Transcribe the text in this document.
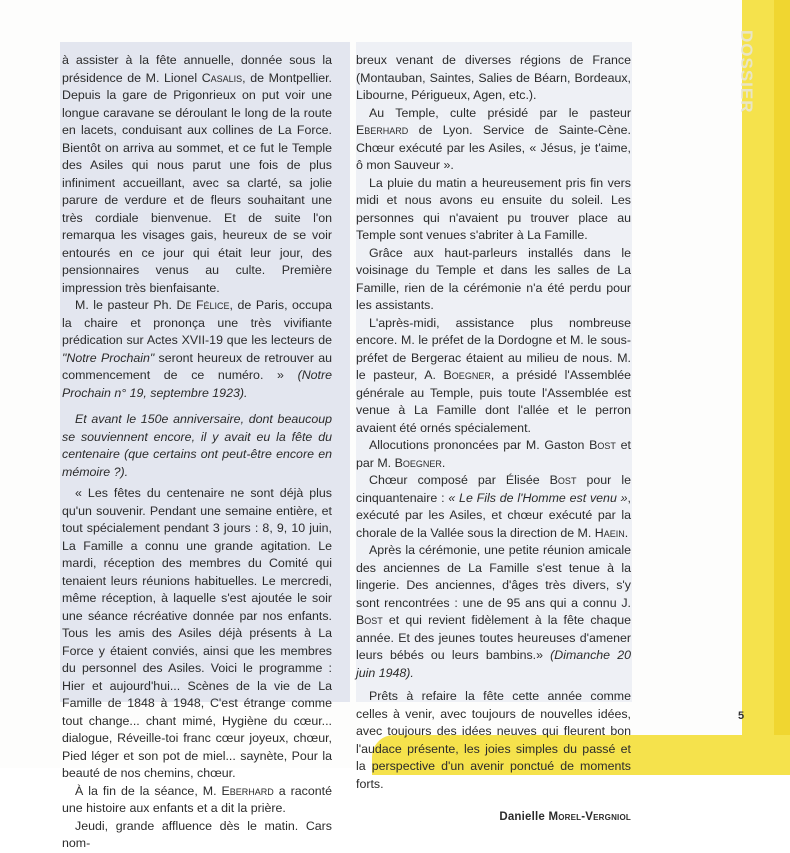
DOSSIER

à assister à la fête annuelle, donnée sous la présidence de M. Lionel Casalis, de Montpellier. Depuis la gare de Prigonrieux on put voir une longue caravane se déroulant le long de la route en lacets, conduisant aux collines de La Force. Bientôt on arriva au sommet, et ce fut le Temple des Asiles qui nous parut une fois de plus infiniment accueillant, avec sa clarté, sa jolie parure de verdure et de fleurs souhaitant une très cordiale bienvenue. Et de suite l'on remarqua les visages gais, heureux de se voir entourés en ce jour qui était leur jour, des pensionnaires venus au culte. Première impression très bienfaisante.

M. le pasteur Ph. De Félice, de Paris, occupa la chaire et prononça une très vivifiante prédication sur Actes XVII-19 que les lecteurs de "Notre Prochain" seront heureux de retrouver au commencement de ce numéro. » (Notre Prochain n° 19, septembre 1923).

Et avant le 150e anniversaire, dont beaucoup se souviennent encore, il y avait eu la fête du centenaire (que certains ont peut-être encore en mémoire ?).

« Les fêtes du centenaire ne sont déjà plus qu'un souvenir. Pendant une semaine entière, et tout spécialement pendant 3 jours : 8, 9, 10 juin, La Famille a connu une grande agitation. Le mardi, réception des membres du Comité qui tenaient leurs réunions habituelles. Le mercredi, même réception, à laquelle s'est ajoutée le soir une séance récréative donnée par nos enfants. Tous les amis des Asiles déjà présents à La Force y étaient conviés, ainsi que les membres du personnel des Asiles. Voici le programme : Hier et aujourd'hui... Scènes de la vie de La Famille de 1848 à 1948, C'est étrange comme tout change... chant mimé, Hygiène du cœur... dialogue, Réveille-toi franc cœur joyeux, chœur, Pied léger et son pot de miel... saynète, Pour la beauté de nos chemins, chœur.

À la fin de la séance, M. Eberhard a raconté une histoire aux enfants et a dit la prière.

Jeudi, grande affluence dès le matin. Cars nom-

breux venant de diverses régions de France (Montauban, Saintes, Salies de Béarn, Bordeaux, Libourne, Périgueux, Agen, etc.).

Au Temple, culte présidé par le pasteur Eberhard de Lyon. Service de Sainte-Cène. Chœur exécuté par les Asiles, « Jésus, je t'aime, ô mon Sauveur ».

La pluie du matin a heureusement pris fin vers midi et nous avons eu ensuite du soleil. Les personnes qui n'avaient pu trouver place au Temple sont venues s'abriter à La Famille.

Grâce aux haut-parleurs installés dans le voisinage du Temple et dans les salles de La Famille, rien de la cérémonie n'a été perdu pour les assistants.

L'après-midi, assistance plus nombreuse encore. M. le préfet de la Dordogne et M. le sous-préfet de Bergerac étaient au milieu de nous. M. le pasteur, A. Boegner, a présidé l'Assemblée générale au Temple, puis toute l'Assemblée est venue à La Famille dont l'allée et le perron avaient été ornés spécialement.

Allocutions prononcées par M. Gaston Bost et par M. Boegner.

Chœur composé par Élisée Bost pour le cinquantenaire : « Le Fils de l'Homme est venu », exécuté par les Asiles, et chœur exécuté par la chorale de la Vallée sous la direction de M. Haein.

Après la cérémonie, une petite réunion amicale des anciennes de La Famille s'est tenue à la lingerie. Des anciennes, d'âges très divers, s'y sont rencontrées : une de 95 ans qui a connu J. Bost et qui revient fidèlement à la fête chaque année. Et des jeunes toutes heureuses d'amener leurs bébés ou leurs bambins.» (Dimanche 20 juin 1948).

Prêts à refaire la fête cette année comme celles à venir, avec toujours de nouvelles idées, avec toujours des idées neuves qui fleurent bon l'audace présente, les joies simples du passé et la perspective d'un avenir ponctué de moments forts.

Danielle Morel-Vergniol
5
